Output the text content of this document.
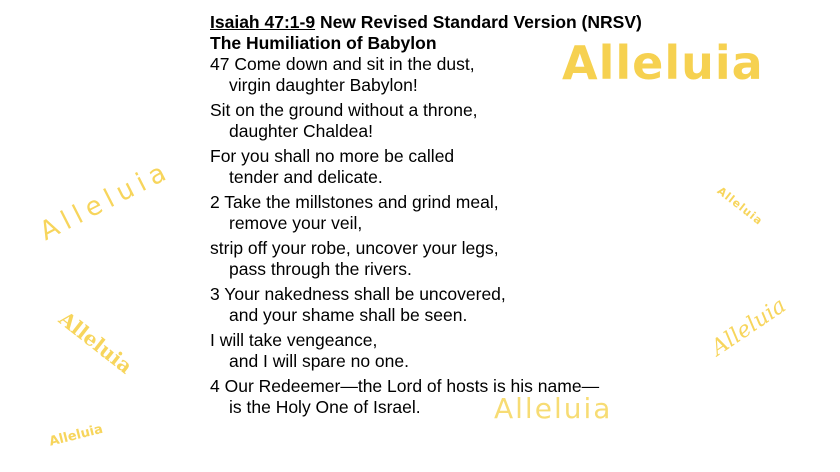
Alleluia
Alleluia
Alleluia	Alleluia
Alleluia	Alleluia
Alleluia

Isaiah 47:1-9 New Revised Standard Version (NRSV)

The Humiliation of Babylon

47 Come down and sit in the dust,

virgin daughter Babylon!

Sit on the ground without a throne,

daughter Chaldea!

For you shall no more be called

tender and delicate.

2 Take the millstones and grind meal,

remove your veil,

strip off your robe, uncover your legs,

pass through the rivers.

3 Your nakedness shall be uncovered,

and your shame shall be seen.

I will take vengeance,

and I will spare no one.

4 Our Redeemer—the Lord of hosts is his name—

is the Holy One of Israel.
